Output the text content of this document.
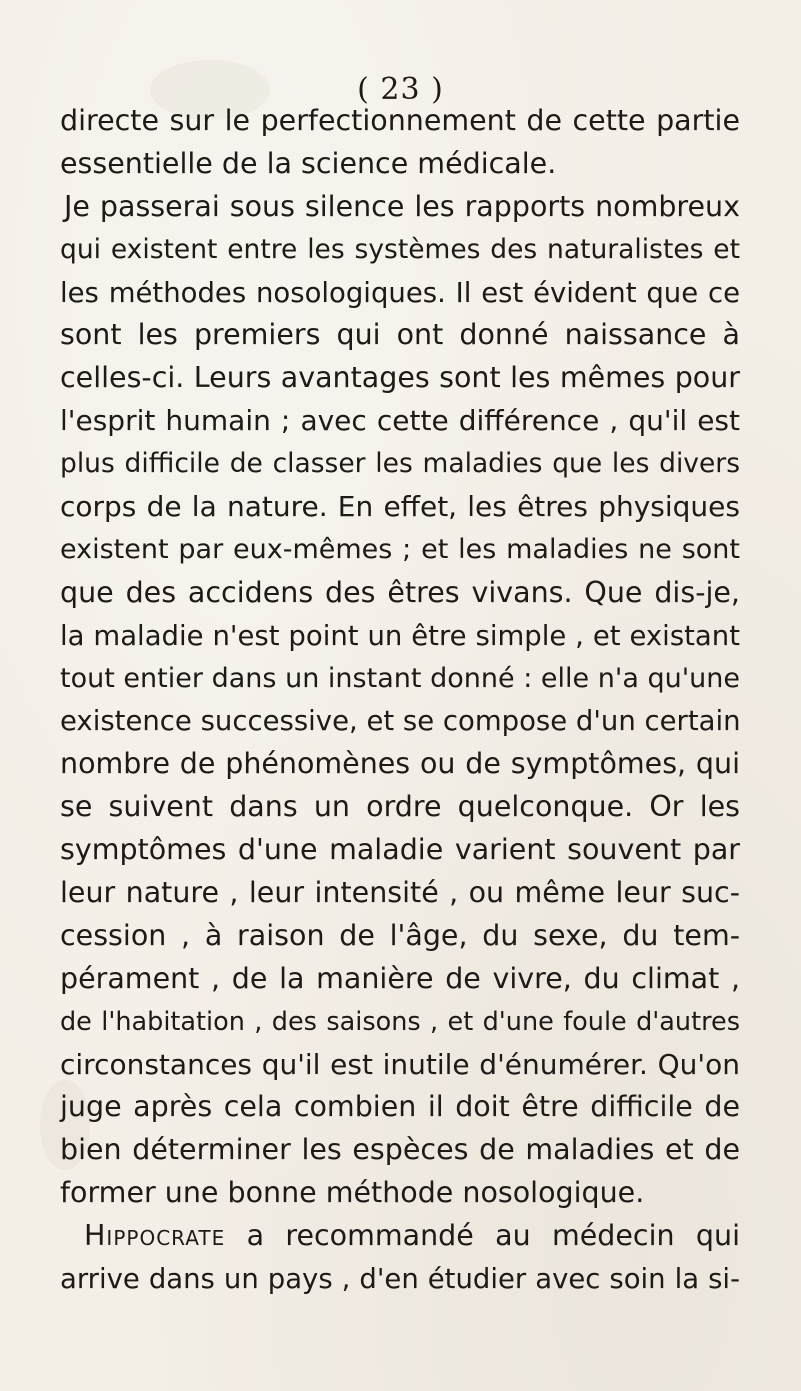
( 23 )
directe sur le perfectionnement de cette partie
essentielle de la science médicale.
Je passerai sous silence les rapports nombreux
qui existent entre les systèmes des naturalistes et
les méthodes nosologiques. Il est évident que ce
sont les premiers qui ont donné naissance à
celles-ci. Leurs avantages sont les mêmes pour
l'esprit humain ; avec cette différence , qu'il est
plus difficile de classer les maladies que les divers
corps de la nature. En effet, les êtres physiques
existent par eux-mêmes ; et les maladies ne sont
que des accidens des êtres vivans. Que dis-je,
la maladie n'est point un être simple , et existant
tout entier dans un instant donné : elle n'a qu'une
existence successive, et se compose d'un certain
nombre de phénomènes ou de symptômes, qui
se suivent dans un ordre quelconque. Or les
symptômes d'une maladie varient souvent par
leur nature , leur intensité , ou même leur suc-
cession , à raison de l'âge, du sexe, du tem-
pérament , de la manière de vivre, du climat ,
de l'habitation , des saisons , et d'une foule d'autres
circonstances qu'il est inutile d'énumérer. Qu'on
juge après cela combien il doit être difficile de
bien déterminer les espèces de maladies et de
former une bonne méthode nosologique.
Hippocrate a recommandé au médecin qui
arrive dans un pays , d'en étudier avec soin la si-
